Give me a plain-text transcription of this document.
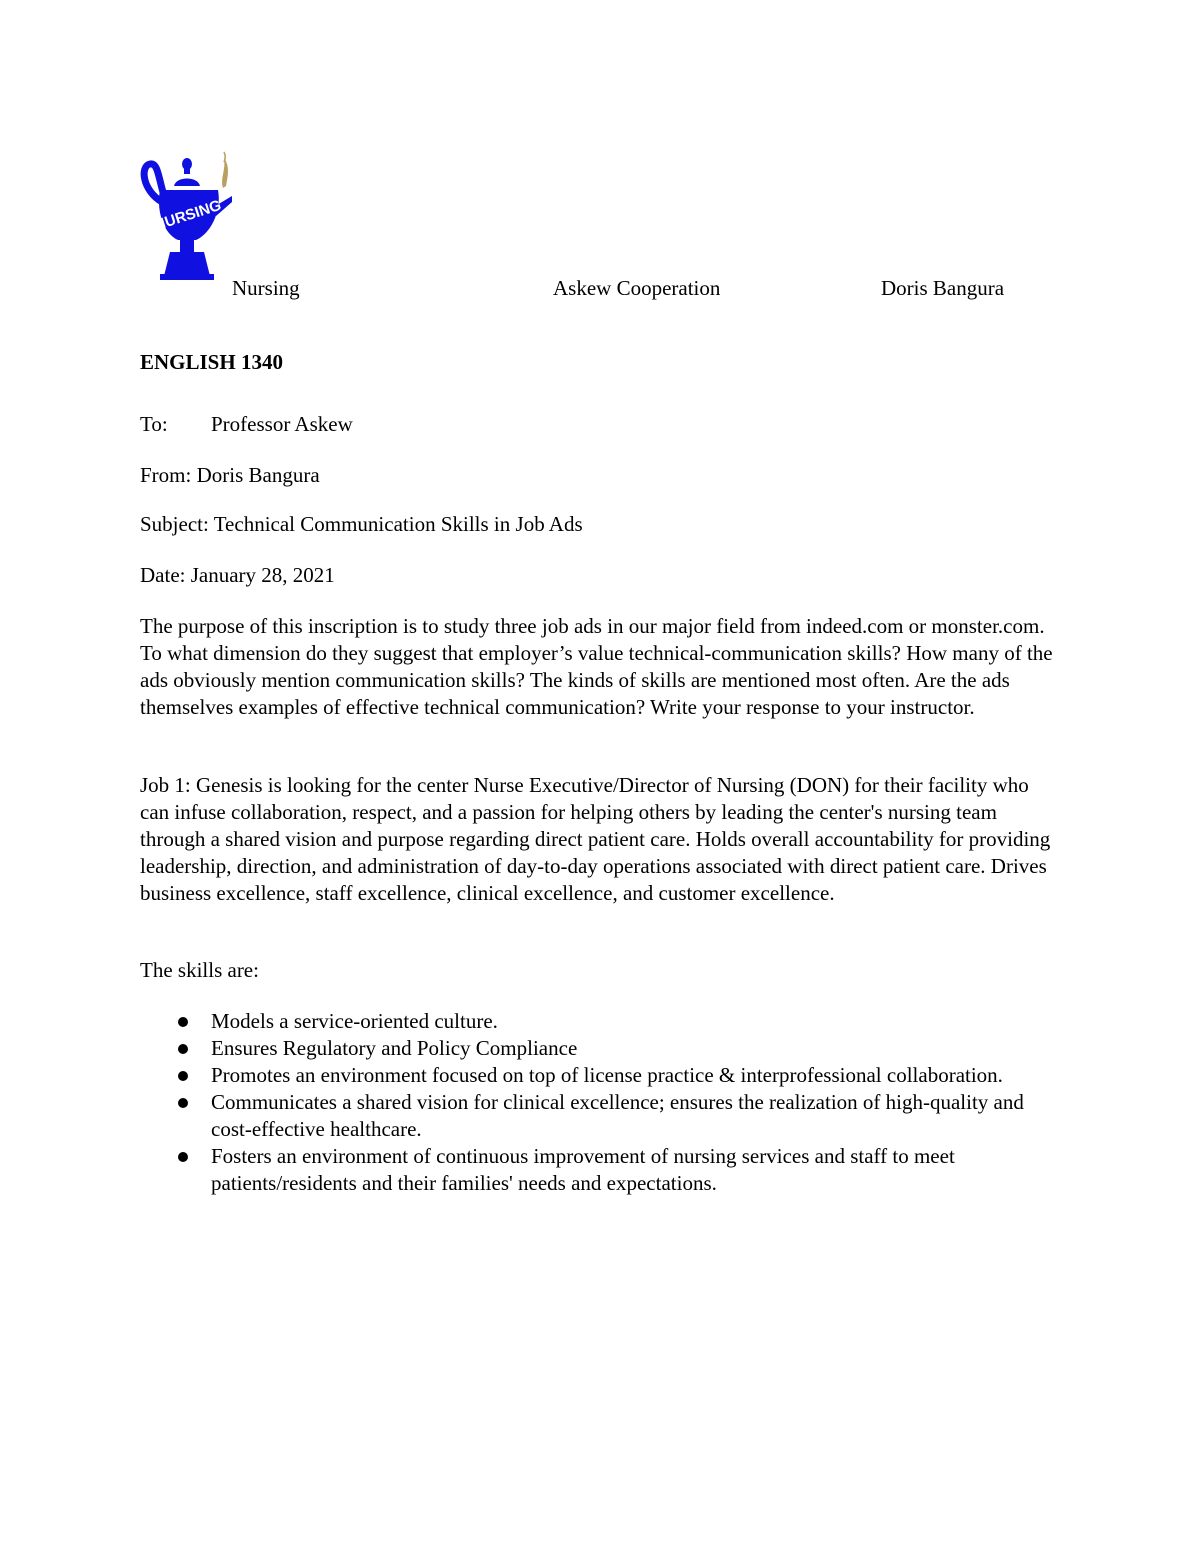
NURSING
Nursing	Askew Cooperation	Doris Bangura
ENGLISH 1340
To: Professor Askew
From: Doris Bangura
Subject: Technical Communication Skills in Job Ads
Date: January 28, 2021
The purpose of this inscription is to study three job ads in our major field from indeed.com or monster.com. To what dimension do they suggest that employer’s value technical-communication skills? How many of the ads obviously mention communication skills? The kinds of skills are mentioned most often. Are the ads themselves examples of effective technical communication? Write your response to your instructor.
Job 1: Genesis is looking for the center Nurse Executive/Director of Nursing (DON) for their facility who can infuse collaboration, respect, and a passion for helping others by leading the center's nursing team through a shared vision and purpose regarding direct patient care. Holds overall accountability for providing leadership, direction, and administration of day-to-day operations associated with direct patient care. Drives business excellence, staff excellence, clinical excellence, and customer excellence.
The skills are:
Models a service-oriented culture.
Ensures Regulatory and Policy Compliance
Promotes an environment focused on top of license practice & interprofessional collaboration.
Communicates a shared vision for clinical excellence; ensures the realization of high-quality and cost-effective healthcare.
Fosters an environment of continuous improvement of nursing services and staff to meet patients/residents and their families' needs and expectations.
